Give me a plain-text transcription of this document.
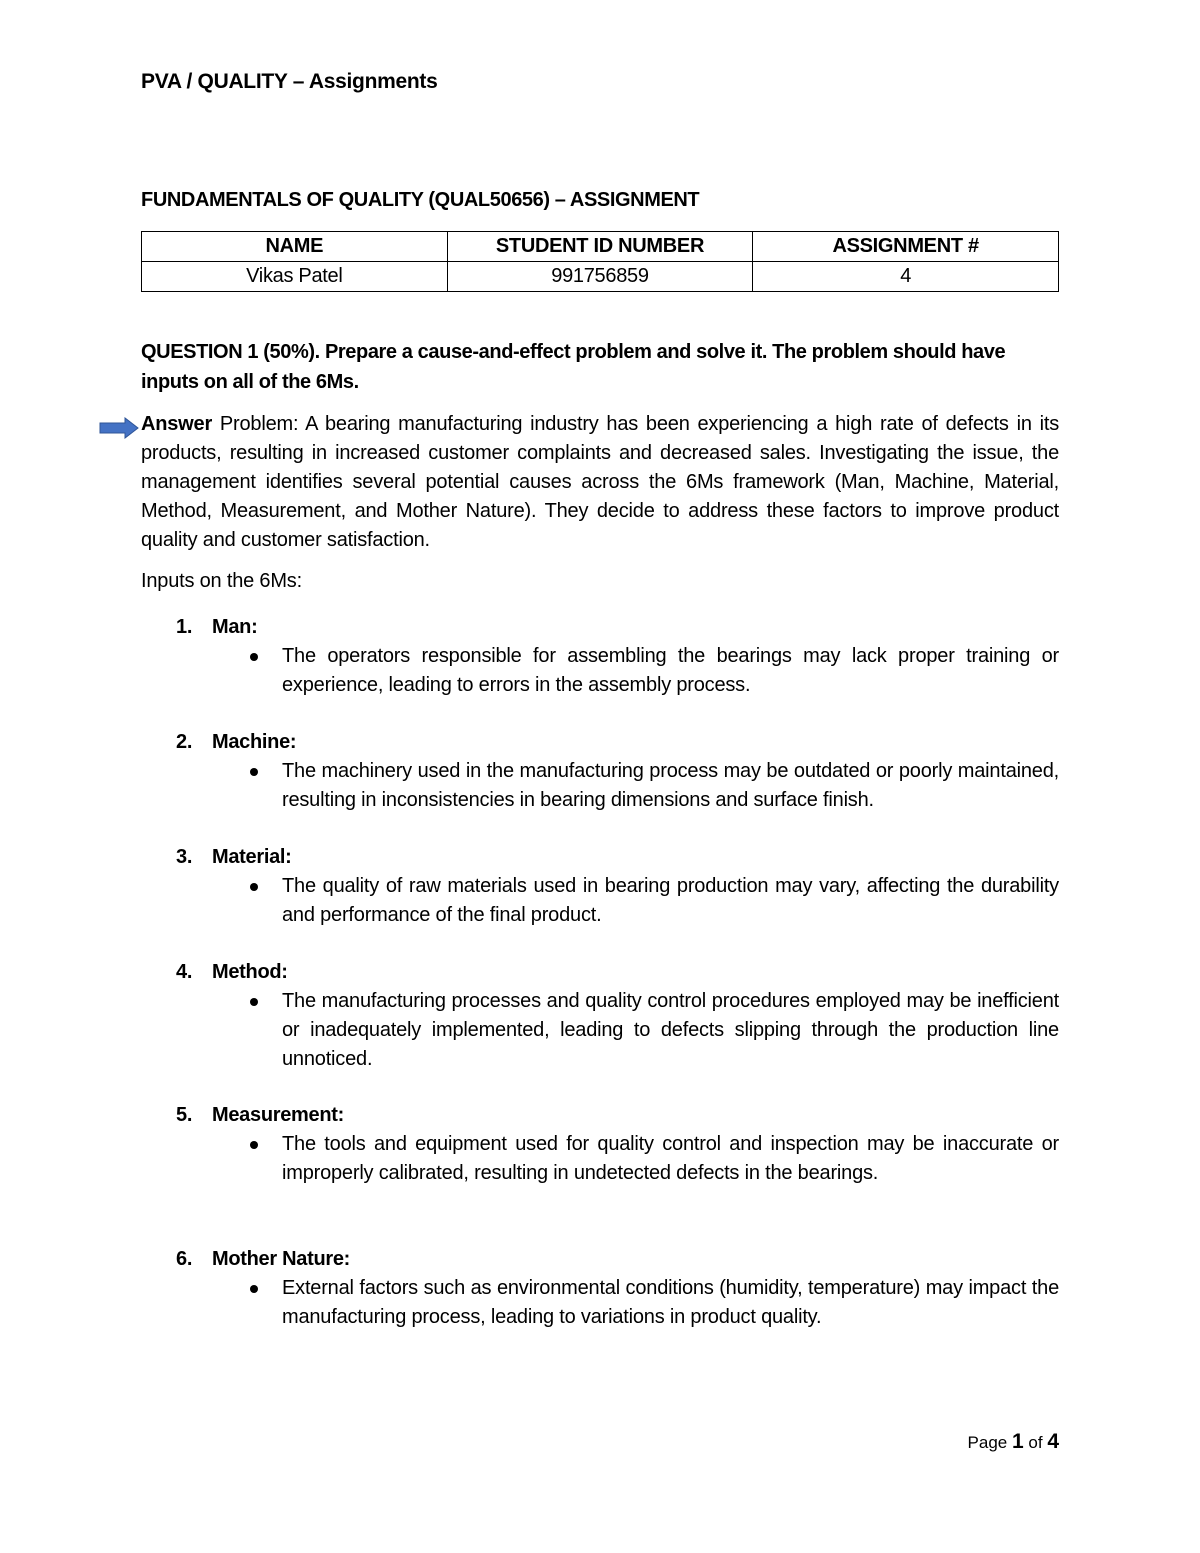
PVA / QUALITY – Assignments
FUNDAMENTALS OF QUALITY (QUAL50656) – ASSIGNMENT
NAME	STUDENT ID NUMBER	ASSIGNMENT #
Vikas Patel	991756859	4
QUESTION 1 (50%). Prepare a cause-and-effect problem and solve it. The problem should have inputs on all of the 6Ms.
Answer Problem: A bearing manufacturing industry has been experiencing a high rate of defects in its products, resulting in increased customer complaints and decreased sales. Investigating the issue, the management identifies several potential causes across the 6Ms framework (Man, Machine, Material, Method, Measurement, and Mother Nature). They decide to address these factors to improve product quality and customer satisfaction.
Inputs on the 6Ms:
1. Man:
The operators responsible for assembling the bearings may lack proper training or experience, leading to errors in the assembly process.
2. Machine:
The machinery used in the manufacturing process may be outdated or poorly maintained, resulting in inconsistencies in bearing dimensions and surface finish.
3. Material:
The quality of raw materials used in bearing production may vary, affecting the durability and performance of the final product.
4. Method:
The manufacturing processes and quality control procedures employed may be inefficient or inadequately implemented, leading to defects slipping through the production line unnoticed.
5. Measurement:
The tools and equipment used for quality control and inspection may be inaccurate or improperly calibrated, resulting in undetected defects in the bearings.
6. Mother Nature:
External factors such as environmental conditions (humidity, temperature) may impact the manufacturing process, leading to variations in product quality.
Page 1 of 4
